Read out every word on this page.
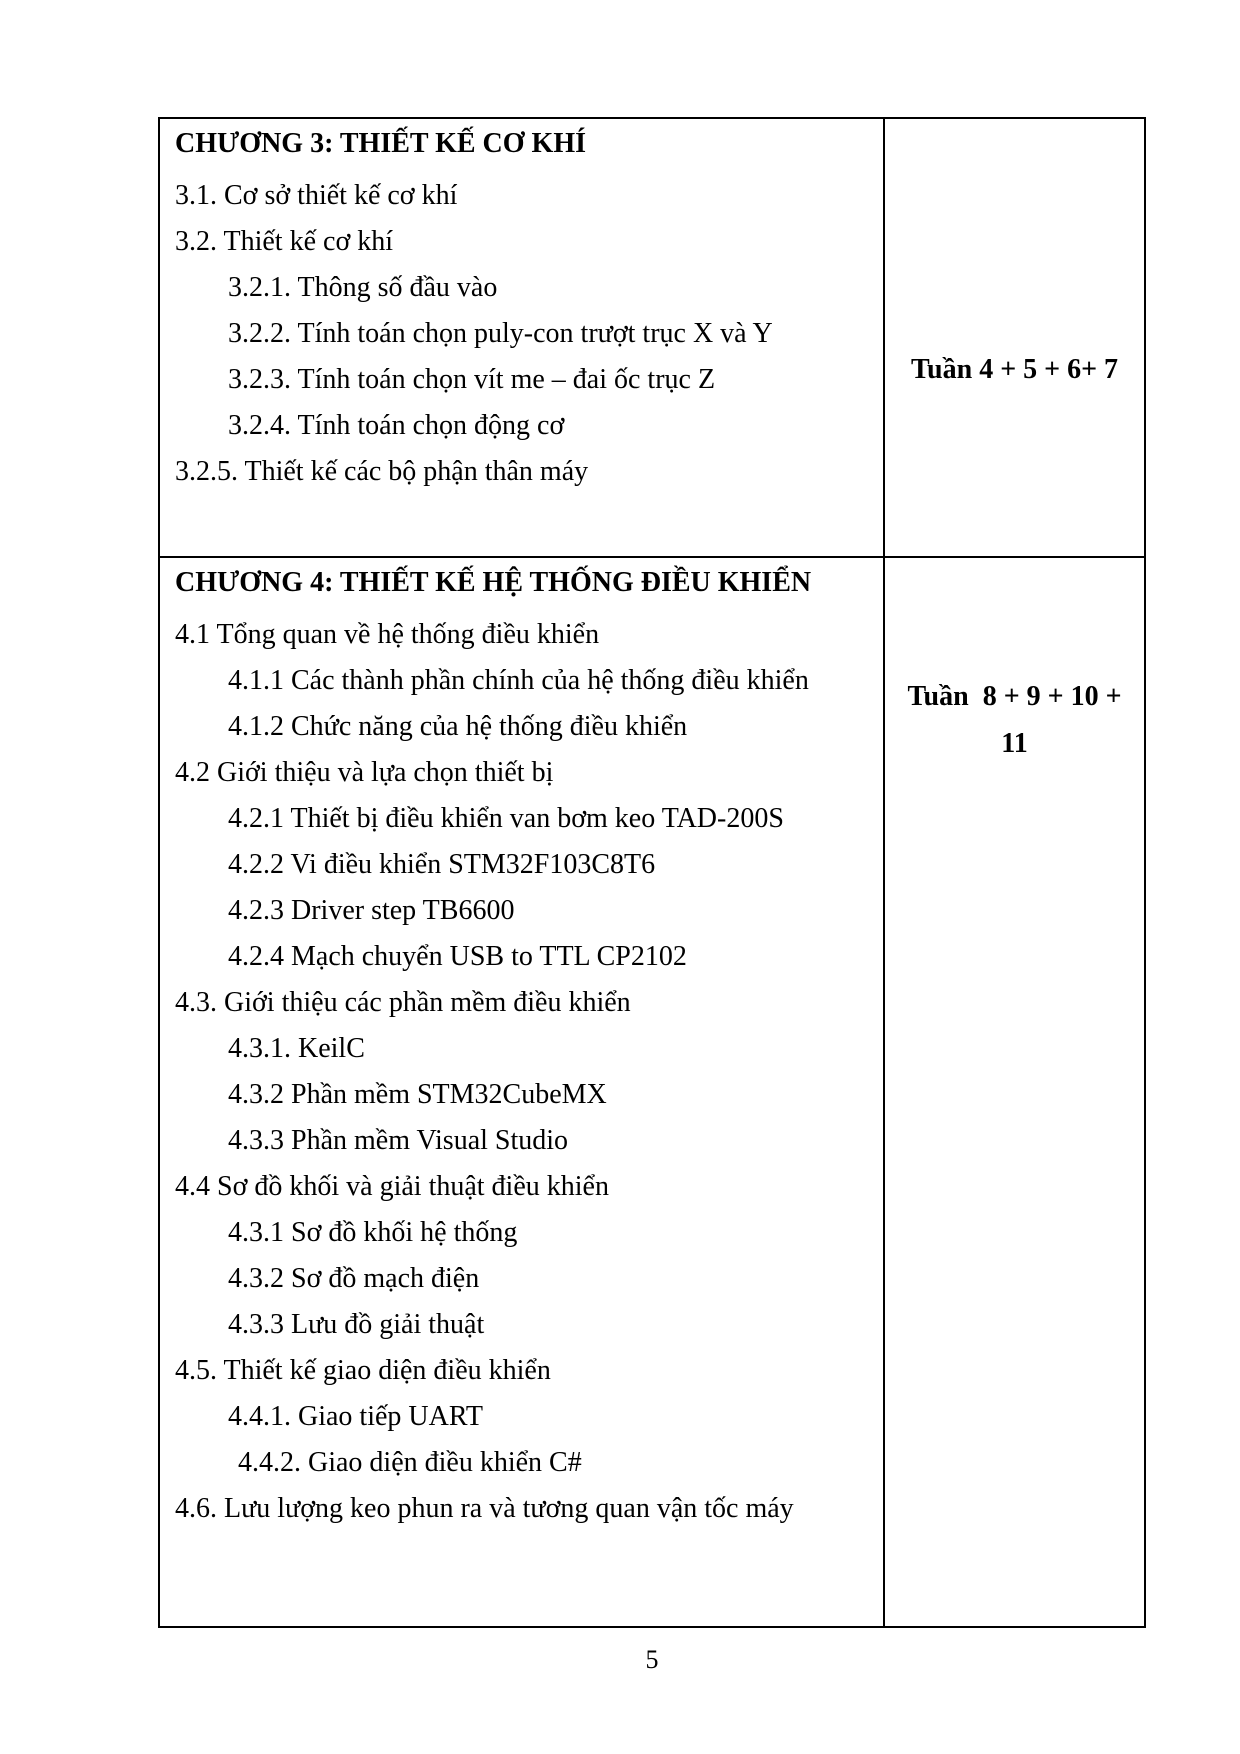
CHƯƠNG 3: THIẾT KẾ CƠ KHÍ
3.1. Cơ sở thiết kế cơ khí
3.2. Thiết kế cơ khí
3.2.1. Thông số đầu vào
3.2.2. Tính toán chọn puly-con trượt trục X và Y
3.2.3. Tính toán chọn vít me – đai ốc trục Z
3.2.4. Tính toán chọn động cơ
3.2.5. Thiết kế các bộ phận thân máy
Tuần 4 + 5 + 6+ 7
CHƯƠNG 4: THIẾT KẾ HỆ THỐNG ĐIỀU KHIỂN
4.1 Tổng quan về hệ thống điều khiển
4.1.1 Các thành phần chính của hệ thống điều khiển
4.1.2 Chức năng của hệ thống điều khiển
4.2 Giới thiệu và lựa chọn thiết bị
4.2.1 Thiết bị điều khiển van bơm keo TAD-200S
4.2.2 Vi điều khiển STM32F103C8T6
4.2.3 Driver step TB6600
4.2.4 Mạch chuyển USB to TTL CP2102
4.3. Giới thiệu các phần mềm điều khiển
4.3.1. KeilC
4.3.2 Phần mềm STM32CubeMX
4.3.3 Phần mềm Visual Studio
4.4 Sơ đồ khối và giải thuật điều khiển
4.3.1 Sơ đồ khối hệ thống
4.3.2 Sơ đồ mạch điện
4.3.3 Lưu đồ giải thuật
4.5. Thiết kế giao diện điều khiển
4.4.1. Giao tiếp UART
4.4.2. Giao diện điều khiển C#
4.6. Lưu lượng keo phun ra và tương quan vận tốc máy
Tuần  8 + 9 + 10 +
11
5
